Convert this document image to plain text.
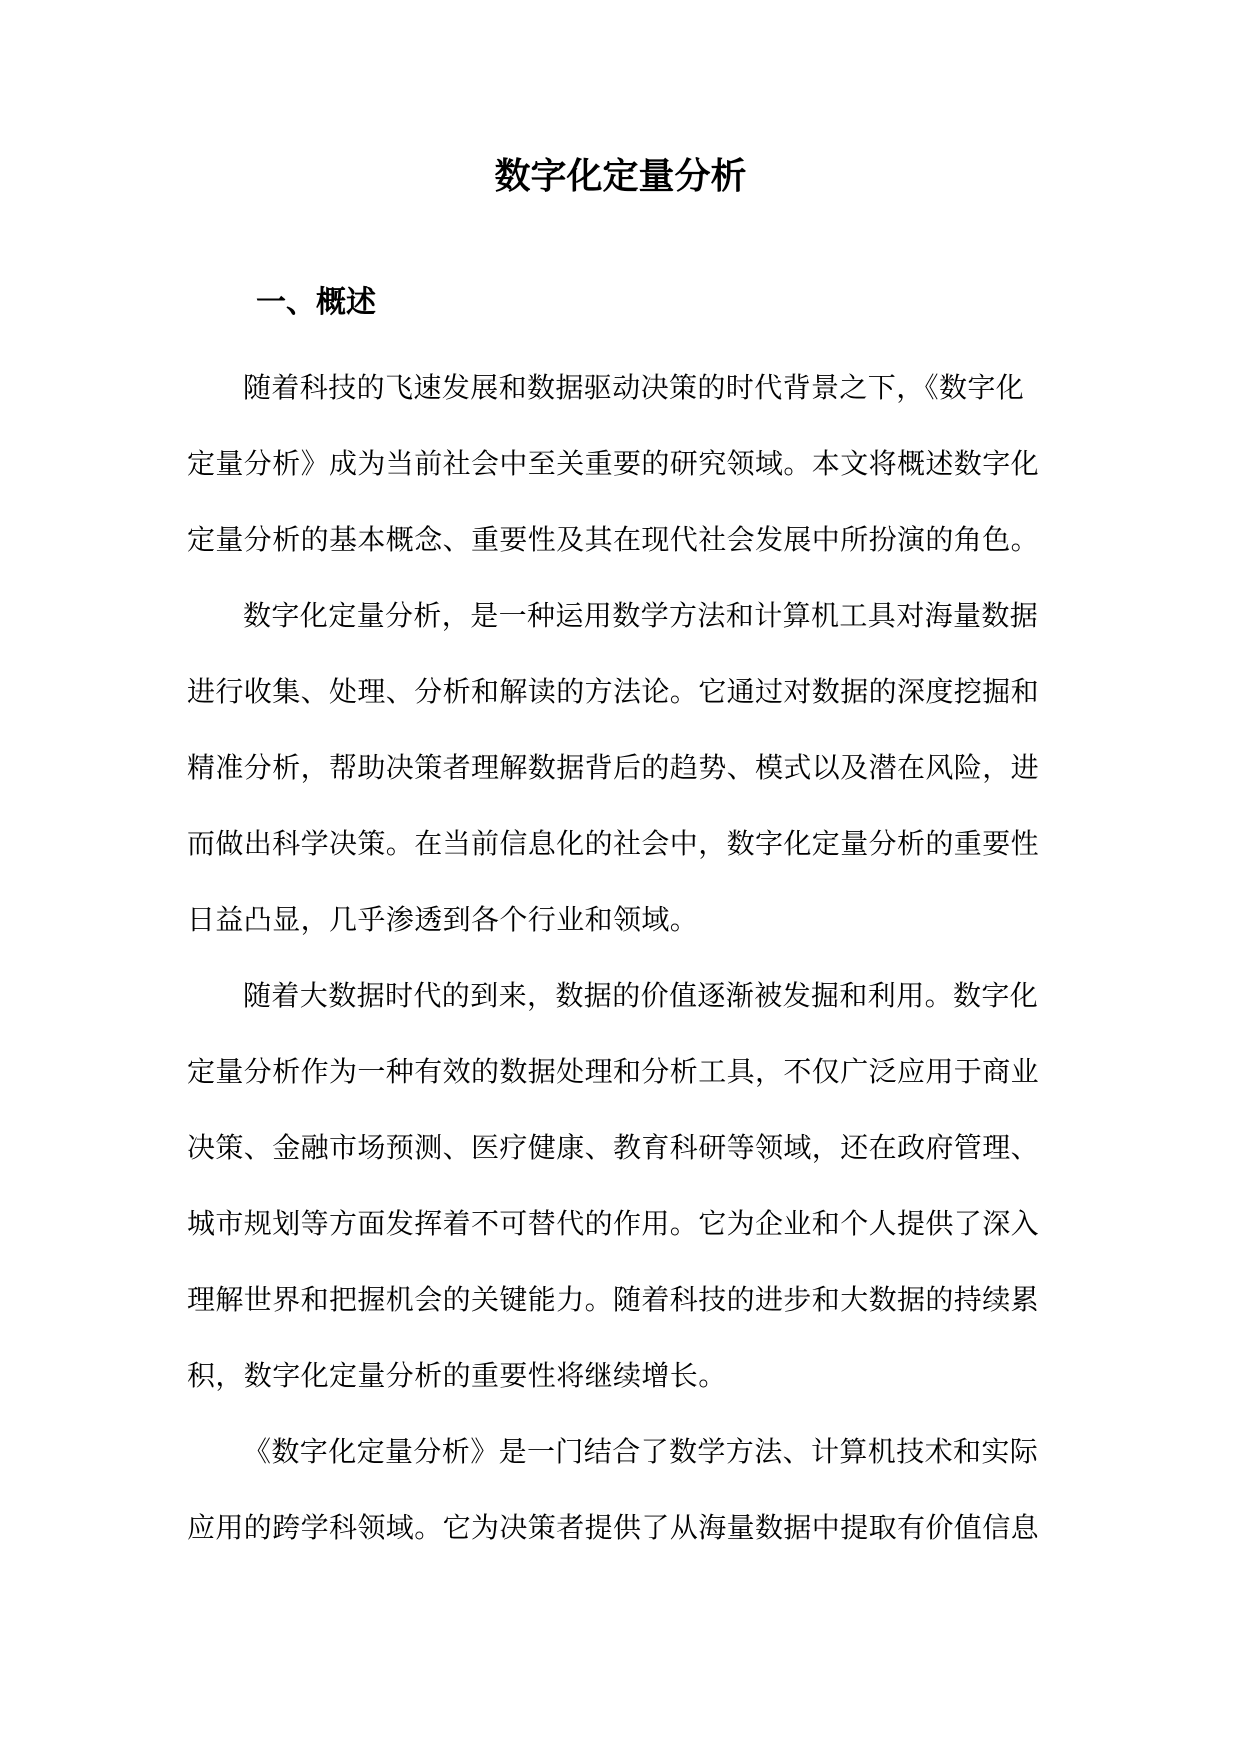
数字化定量分析
一、概述
随着科技的飞速发展和数据驱动决策的时代背景之下，《数字化
定量分析》成为当前社会中至关重要的研究领域。本文将概述数字化
定量分析的基本概念、重要性及其在现代社会发展中所扮演的角色。
数字化定量分析，是一种运用数学方法和计算机工具对海量数据
进行收集、处理、分析和解读的方法论。它通过对数据的深度挖掘和
精准分析，帮助决策者理解数据背后的趋势、模式以及潜在风险，进
而做出科学决策。在当前信息化的社会中，数字化定量分析的重要性
日益凸显，几乎渗透到各个行业和领域。
随着大数据时代的到来，数据的价值逐渐被发掘和利用。数字化
定量分析作为一种有效的数据处理和分析工具，不仅广泛应用于商业
决策、金融市场预测、医疗健康、教育科研等领域，还在政府管理、
城市规划等方面发挥着不可替代的作用。它为企业和个人提供了深入
理解世界和把握机会的关键能力。随着科技的进步和大数据的持续累
积，数字化定量分析的重要性将继续增长。
《数字化定量分析》是一门结合了数学方法、计算机技术和实际
应用的跨学科领域。它为决策者提供了从海量数据中提取有价值信息
